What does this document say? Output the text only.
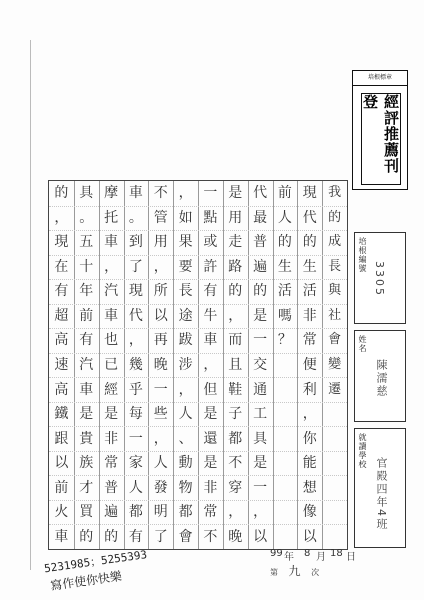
培根標章
經評推薦刊登
培根編號
3305
姓名
陳濡慈
就讀學校
官殿四年4班
我
的
成
長
與
社
會
變
遷
現
代
的
生
活
非
常
便
利
，
你
能
想
像
以
前
人
的
生
活
嗎
？
代
最
普
遍
的
是
一
交
通
工
具
是
一
，
以
是
用
走
路
的
，
而
且
鞋
子
都
不
穿
，
晚
一
點
或
許
有
牛
車
，
但
是
還
是
非
常
不
，
如
果
要
長
途
跋
涉
，
人
、
動
物
都
會
不
管
用
，
所
以
再
晚
一
些
，
人
發
明
了
車
。
到
了
現
代
，
幾
乎
每
一
家
人
都
有
摩
托
車
，
汽
車
也
已
經
是
非
常
普
遍
的
具
。
五
十
年
前
有
汽
車
是
貴
族
才
買
的
的
，
現
在
有
超
高
速
高
鐵
跟
以
前
火
車
5231985；5255393
寫作使你快樂
99 年 8 月 18 日
第 九 次
